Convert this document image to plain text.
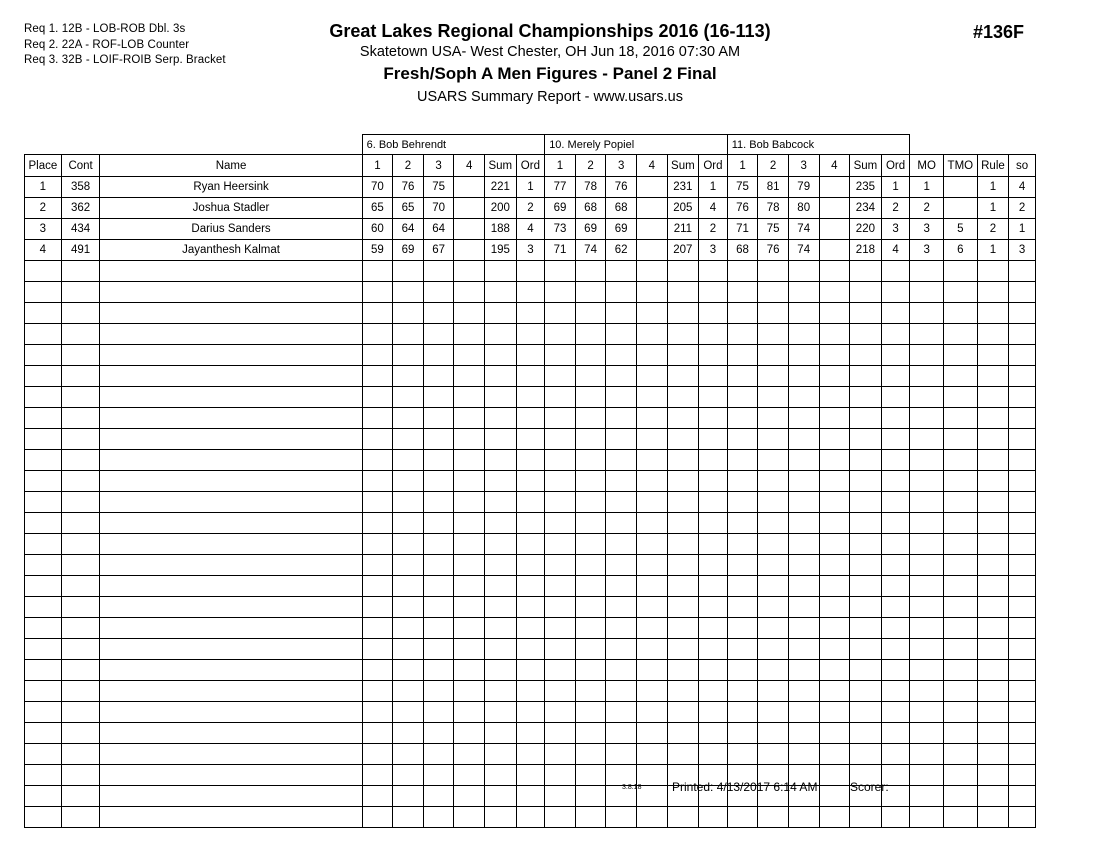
Req 1. 12B - LOB-ROB Dbl. 3s
Req 2. 22A - ROF-LOB Counter
Req 3. 32B - LOIF-ROIB Serp. Bracket
Great Lakes Regional Championships 2016 (16-113)
Skatetown USA- West Chester, OH Jun 18, 2016 07:30 AM
Fresh/Soph A Men Figures - Panel 2 Final
USARS Summary Report - www.usars.us
#136F
			6. Bob Behrendt						10. Merely Popiel						11. Bob Babcock									
Place	Cont	Name	1	2	3	4	Sum	Ord	1	2	3	4	Sum	Ord	1	2	3	4	Sum	Ord	MO	TMO	Rule	so
1	358	Ryan Heersink	70	76	75		221	1	77	78	76		231	1	75	81	79		235	1	1		1	4
2	362	Joshua Stadler	65	65	70		200	2	69	68	68		205	4	76	78	80		234	2	2		1	2
3	434	Darius Sanders	60	64	64		188	4	73	69	69		211	2	71	75	74		220	3	3	5	2	1
4	491	Jayanthesh Kalmat	59	69	67		195	3	71	74	62		207	3	68	76	74		218	4	3	6	1	3

3.8.18	Printed: 4/13/2017 6:14 AM	Scorer:
